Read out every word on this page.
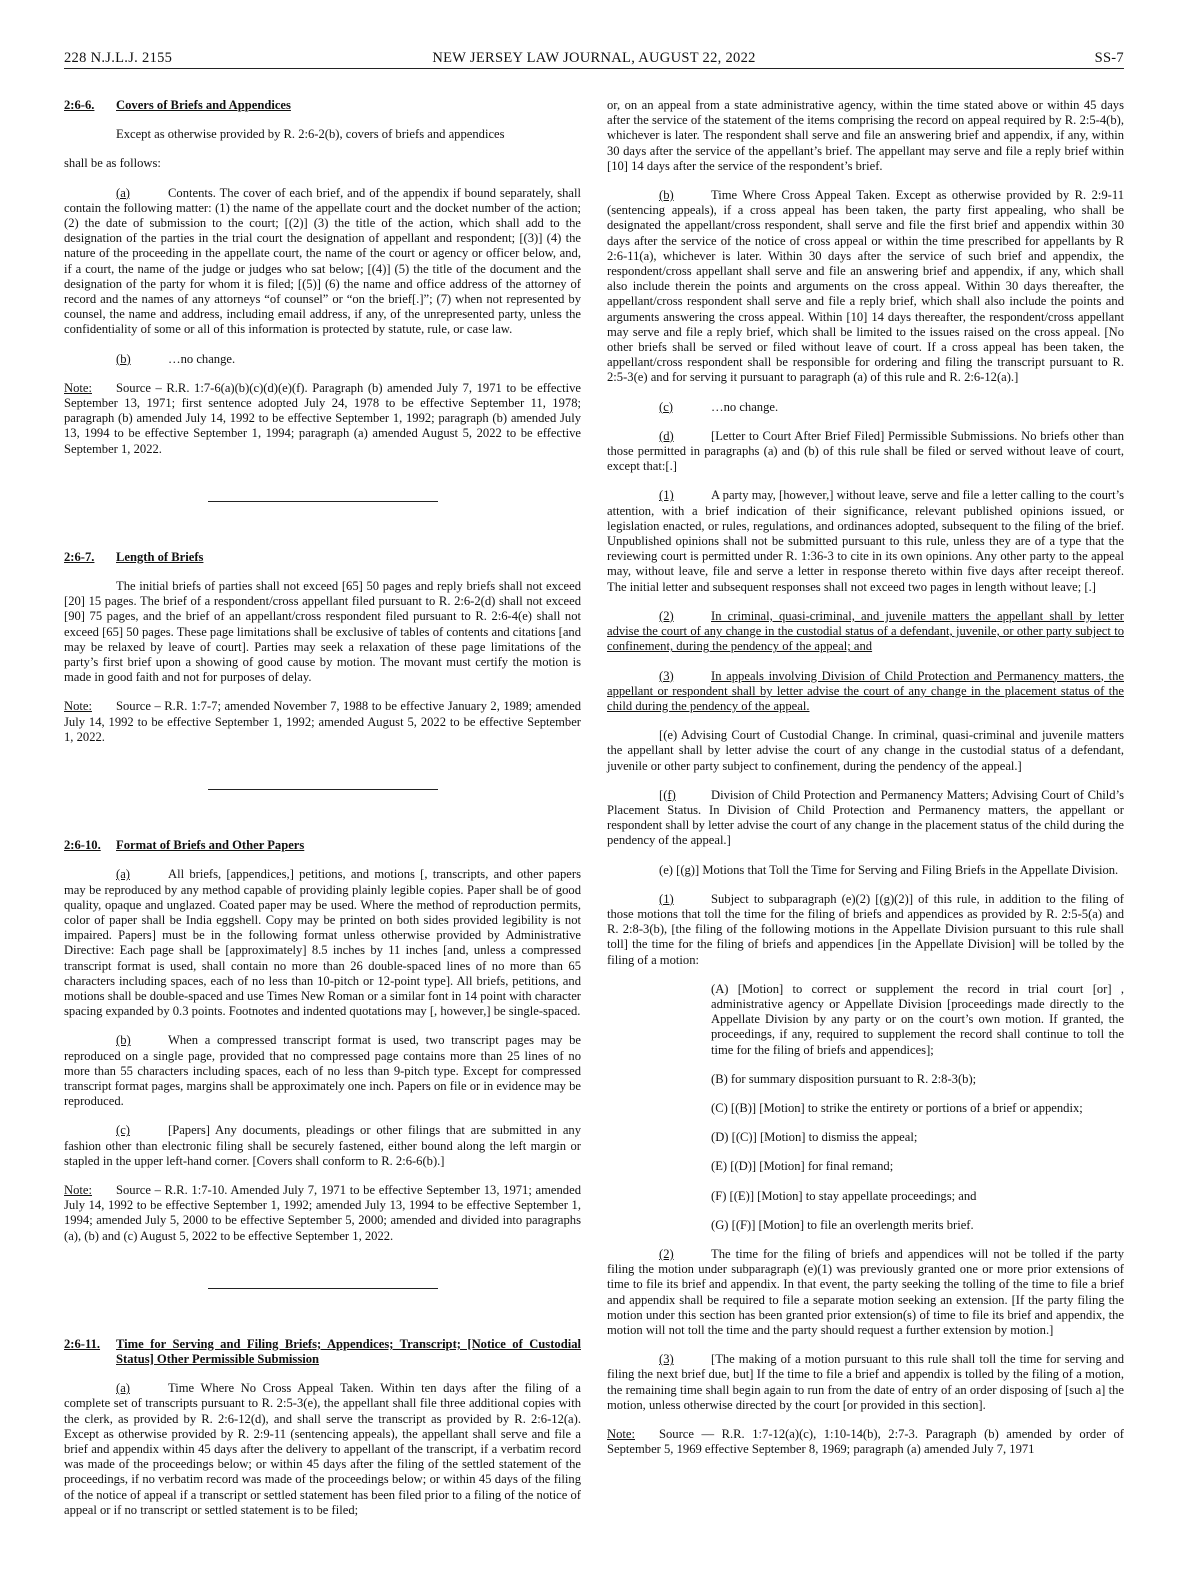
228 N.J.L.J. 2155	NEW JERSEY LAW JOURNAL, AUGUST 22, 2022	SS-7
2:6-6.	Covers of Briefs and Appendices

Except as otherwise provided by R. 2:6-2(b), covers of briefs and appendices

shall be as follows:

(a)	Contents. The cover of each brief, and of the appendix if bound separately, shall contain the following matter: (1) the name of the appellate court and the docket number of the action; (2) the date of submission to the court; [(2)] (3) the title of the action, which shall add to the designation of the parties in the trial court the designation of appellant and respondent; [(3)] (4) the nature of the proceeding in the appellate court, the name of the court or agency or officer below, and, if a court, the name of the judge or judges who sat below; [(4)] (5) the title of the document and the designation of the party for whom it is filed; [(5)] (6) the name and office address of the attorney of record and the names of any attorneys “of counsel” or “on the brief[.]”; (7) when not represented by counsel, the name and address, including email address, if any, of the unrepresented party, unless the confidentiality of some or all of this information is protected by statute, rule, or case law.

(b)	…no change.

Note: Source – R.R. 1:7-6(a)(b)(c)(d)(e)(f). Paragraph (b) amended July 7, 1971 to be effective September 13, 1971; first sentence adopted July 24, 1978 to be effective September 11, 1978; paragraph (b) amended July 14, 1992 to be effective September 1, 1992; paragraph (b) amended July 13, 1994 to be effective September 1, 1994; paragraph (a) amended August 5, 2022 to be effective September 1, 2022.

2:6-7.	Length of Briefs

The initial briefs of parties shall not exceed [65] 50 pages and reply briefs shall not exceed [20] 15 pages. The brief of a respondent/cross appellant filed pursuant to R. 2:6-2(d) shall not exceed [90] 75 pages, and the brief of an appellant/cross respondent filed pursuant to R. 2:6-4(e) shall not exceed [65] 50 pages. These page limitations shall be exclusive of tables of contents and citations [and may be relaxed by leave of court]. Parties may seek a relaxation of these page limitations of the party’s first brief upon a showing of good cause by motion. The movant must certify the motion is made in good faith and not for purposes of delay.

Note: Source – R.R. 1:7-7; amended November 7, 1988 to be effective January 2, 1989; amended July 14, 1992 to be effective September 1, 1992; amended August 5, 2022 to be effective September 1, 2022.

2:6-10.	Format of Briefs and Other Papers

(a)	All briefs, [appendices,] petitions, and motions [, transcripts, and other papers may be reproduced by any method capable of providing plainly legible copies. Paper shall be of good quality, opaque and unglazed. Coated paper may be used. Where the method of reproduction permits, color of paper shall be India eggshell. Copy may be printed on both sides provided legibility is not impaired. Papers] must be in the following format unless otherwise provided by Administrative Directive: Each page shall be [approximately] 8.5 inches by 11 inches [and, unless a compressed transcript format is used, shall contain no more than 26 double-spaced lines of no more than 65 characters including spaces, each of no less than 10-pitch or 12-point type]. All briefs, petitions, and motions shall be double-spaced and use Times New Roman or a similar font in 14 point with character spacing expanded by 0.3 points. Footnotes and indented quotations may [, however,] be single-spaced.

(b)	When a compressed transcript format is used, two transcript pages may be reproduced on a single page, provided that no compressed page contains more than 25 lines of no more than 55 characters including spaces, each of no less than 9-pitch type. Except for compressed transcript format pages, margins shall be approximately one inch. Papers on file or in evidence may be reproduced.

(c)	[Papers] Any documents, pleadings or other filings that are submitted in any fashion other than electronic filing shall be securely fastened, either bound along the left margin or stapled in the upper left-hand corner. [Covers shall conform to R. 2:6-6(b).]

Note: Source – R.R. 1:7-10. Amended July 7, 1971 to be effective September 13, 1971; amended July 14, 1992 to be effective September 1, 1992; amended July 13, 1994 to be effective September 1, 1994; amended July 5, 2000 to be effective September 5, 2000; amended and divided into paragraphs (a), (b) and (c) August 5, 2022 to be effective September 1, 2022.

2:6-11.	Time for Serving and Filing Briefs; Appendices; Transcript; [Notice of Custodial Status] Other Permissible Submission

(a)	Time Where No Cross Appeal Taken. Within ten days after the filing of a complete set of transcripts pursuant to R. 2:5-3(e), the appellant shall file three additional copies with the clerk, as provided by R. 2:6-12(d), and shall serve the transcript as provided by R. 2:6-12(a). Except as otherwise provided by R. 2:9-11 (sentencing appeals), the appellant shall serve and file a brief and appendix within 45 days after the delivery to appellant of the transcript, if a verbatim record was made of the proceedings below; or within 45 days after the filing of the settled statement of the proceedings, if no verbatim record was made of the proceedings below; or within 45 days of the filing of the notice of appeal if a transcript or settled statement has been filed prior to a filing of the notice of appeal or if no transcript or settled statement is to be filed;

or, on an appeal from a state administrative agency, within the time stated above or within 45 days after the service of the statement of the items comprising the record on appeal required by R. 2:5-4(b), whichever is later. The respondent shall serve and file an answering brief and appendix, if any, within 30 days after the service of the appellant’s brief. The appellant may serve and file a reply brief within [10] 14 days after the service of the respondent’s brief.

(b)	Time Where Cross Appeal Taken. Except as otherwise provided by R. 2:9-11 (sentencing appeals), if a cross appeal has been taken, the party first appealing, who shall be designated the appellant/cross respondent, shall serve and file the first brief and appendix within 30 days after the service of the notice of cross appeal or within the time prescribed for appellants by R 2:6-11(a), whichever is later. Within 30 days after the service of such brief and appendix, the respondent/cross appellant shall serve and file an answering brief and appendix, if any, which shall also include therein the points and arguments on the cross appeal. Within 30 days thereafter, the appellant/cross respondent shall serve and file a reply brief, which shall also include the points and arguments answering the cross appeal. Within [10] 14 days thereafter, the respondent/cross appellant may serve and file a reply brief, which shall be limited to the issues raised on the cross appeal. [No other briefs shall be served or filed without leave of court. If a cross appeal has been taken, the appellant/cross respondent shall be responsible for ordering and filing the transcript pursuant to R. 2:5-3(e) and for serving it pursuant to paragraph (a) of this rule and R. 2:6-12(a).]

(c)	…no change.

(d)	[Letter to Court After Brief Filed] Permissible Submissions. No briefs other than those permitted in paragraphs (a) and (b) of this rule shall be filed or served without leave of court, except that:[.]

(1)	A party may, [however,] without leave, serve and file a letter calling to the court’s attention, with a brief indication of their significance, relevant published opinions issued, or legislation enacted, or rules, regulations, and ordinances adopted, subsequent to the filing of the brief. Unpublished opinions shall not be submitted pursuant to this rule, unless they are of a type that the reviewing court is permitted under R. 1:36-3 to cite in its own opinions. Any other party to the appeal may, without leave, file and serve a letter in response thereto within five days after receipt thereof. The initial letter and subsequent responses shall not exceed two pages in length without leave; [.]

(2)	In criminal, quasi-criminal, and juvenile matters the appellant shall by letter advise the court of any change in the custodial status of a defendant, juvenile, or other party subject to confinement, during the pendency of the appeal; and

(3)	In appeals involving Division of Child Protection and Permanency matters, the appellant or respondent shall by letter advise the court of any change in the placement status of the child during the pendency of the appeal.

[(e) Advising Court of Custodial Change. In criminal, quasi-criminal and juvenile matters the appellant shall by letter advise the court of any change in the custodial status of a defendant, juvenile or other party subject to confinement, during the pendency of the appeal.]

[(f)	Division of Child Protection and Permanency Matters; Advising Court of Child’s Placement Status. In Division of Child Protection and Permanency matters, the appellant or respondent shall by letter advise the court of any change in the placement status of the child during the pendency of the appeal.]

(e) [(g)] Motions that Toll the Time for Serving and Filing Briefs in the Appellate Division.

(1)	Subject to subparagraph (e)(2) [(g)(2)] of this rule, in addition to the filing of those motions that toll the time for the filing of briefs and appendices as provided by R. 2:5-5(a) and R. 2:8-3(b), [the filing of the following motions in the Appellate Division pursuant to this rule shall toll] the time for the filing of briefs and appendices [in the Appellate Division] will be tolled by the filing of a motion:

(A) [Motion] to correct or supplement the record in trial court [or] , administrative agency or Appellate Division [proceedings made directly to the Appellate Division by any party or on the court’s own motion. If granted, the proceedings, if any, required to supplement the record shall continue to toll the time for the filing of briefs and appendices];

(B) for summary disposition pursuant to R. 2:8-3(b);

(C) [(B)] [Motion] to strike the entirety or portions of a brief or appendix;

(D) [(C)] [Motion] to dismiss the appeal;

(E) [(D)] [Motion] for final remand;

(F) [(E)] [Motion] to stay appellate proceedings; and

(G) [(F)] [Motion] to file an overlength merits brief.

(2)	The time for the filing of briefs and appendices will not be tolled if the party filing the motion under subparagraph (e)(1) was previously granted one or more prior extensions of time to file its brief and appendix. In that event, the party seeking the tolling of the time to file a brief and appendix shall be required to file a separate motion seeking an extension. [If the party filing the motion under this section has been granted prior extension(s) of time to file its brief and appendix, the motion will not toll the time and the party should request a further extension by motion.]

(3)	[The making of a motion pursuant to this rule shall toll the time for serving and filing the next brief due, but] If the time to file a brief and appendix is tolled by the filing of a motion, the remaining time shall begin again to run from the date of entry of an order disposing of [such a] the motion, unless otherwise directed by the court [or provided in this section].

Note: Source — R.R. 1:7-12(a)(c), 1:10-14(b), 2:7-3. Paragraph (b) amended by order of September 5, 1969 effective September 8, 1969; paragraph (a) amended July 7, 1971
